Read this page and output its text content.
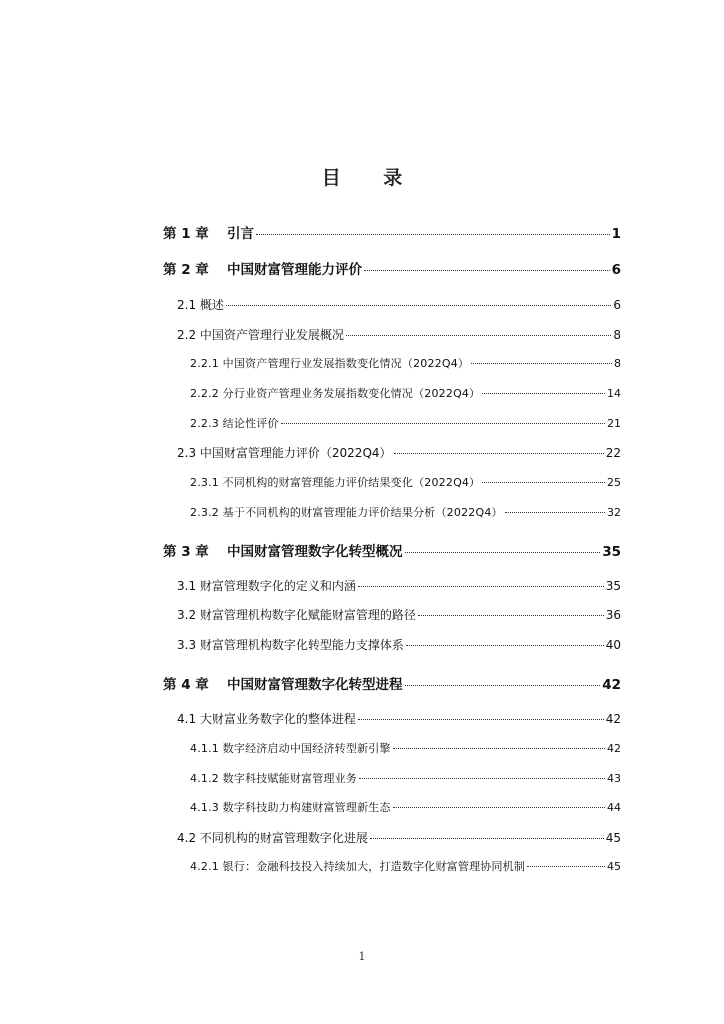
目 录
第 1 章 引言	1
第 2 章 中国财富管理能力评价	6
2.1 概述	6
2.2 中国资产管理行业发展概况	8
2.2.1 中国资产管理行业发展指数变化情况（2022Q4）	8
2.2.2 分行业资产管理业务发展指数变化情况（2022Q4）	14
2.2.3 结论性评价	21
2.3 中国财富管理能力评价（2022Q4）	22
2.3.1 不同机构的财富管理能力评价结果变化（2022Q4）	25
2.3.2 基于不同机构的财富管理能力评价结果分析（2022Q4）	32
第 3 章 中国财富管理数字化转型概况	35
3.1 财富管理数字化的定义和内涵	35
3.2 财富管理机构数字化赋能财富管理的路径	36
3.3 财富管理机构数字化转型能力支撑体系	40
第 4 章 中国财富管理数字化转型进程	42
4.1 大财富业务数字化的整体进程	42
4.1.1 数字经济启动中国经济转型新引擎	42
4.1.2 数字科技赋能财富管理业务	43
4.1.3 数字科技助力构建财富管理新生态	44
4.2 不同机构的财富管理数字化进展	45
4.2.1 银行：金融科技投入持续加大，打造数字化财富管理协同机制	45
1
